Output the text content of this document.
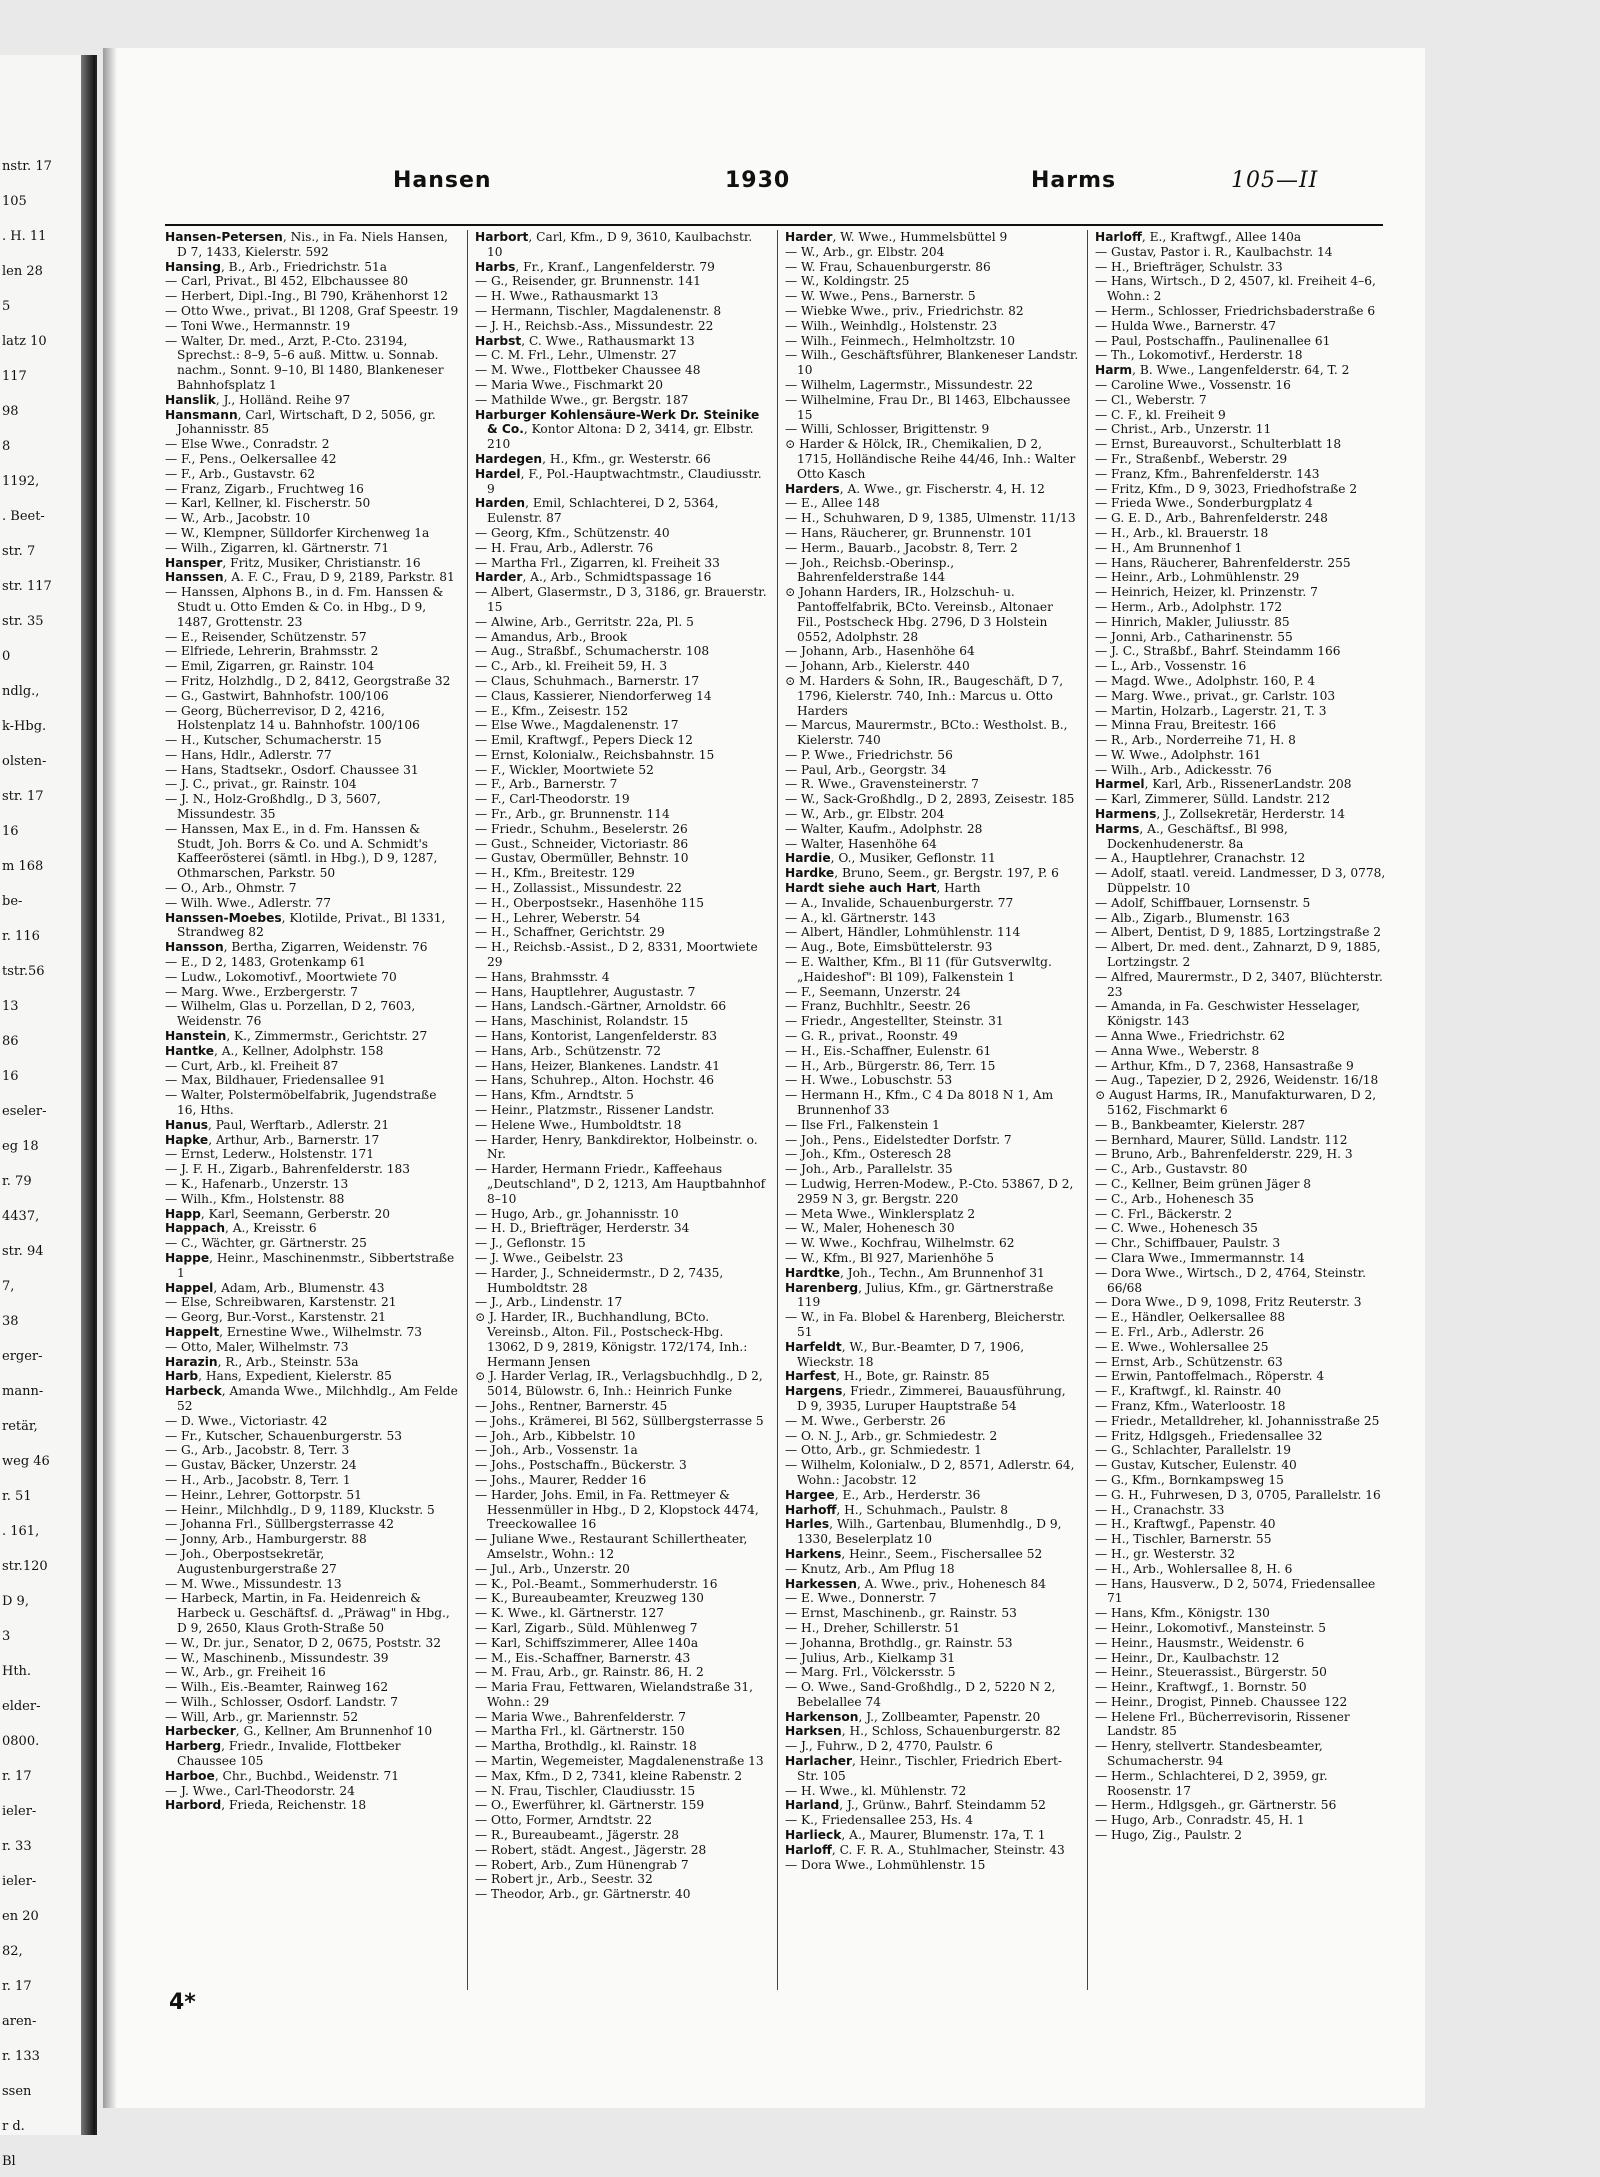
nstr. 17
105
. H. 11
len 28
5
latz 10
117
98
8
1192,
. Beet-
str. 7
str. 117
str. 35
0
ndlg.,
k-Hbg.
olsten-
str. 17
16
m 168
be-
r. 116
tstr.56
13
86
16
eseler-
eg 18
r. 79
4437,
str. 94
7,
38
erger-
mann-
retär,
weg 46
r. 51
. 161,
str.120
D 9,
3
Hth.
elder-
0800.
r. 17
ieler-
r. 33
ieler-
en 20
82,
r. 17
aren-
r. 133
ssen
r d.
Bl
Hansen	1930	Harms	105—II

Hansen-Petersen, Nis., in Fa. Niels Hansen, D 7, 1433, Kielerstr. 592

Hansing, B., Arb., Friedrichstr. 51a

— Carl, Privat., Bl 452, Elbchaussee 80

— Herbert, Dipl.-Ing., Bl 790, Krähenhorst 12

— Otto Wwe., privat., Bl 1208, Graf Speestr. 19

— Toni Wwe., Hermannstr. 19

— Walter, Dr. med., Arzt, P.-Cto. 23194, Sprechst.: 8–9, 5–6 auß. Mittw. u. Sonnab. nachm., Sonnt. 9–10, Bl 1480, Blankeneser Bahnhofsplatz 1

Hanslik, J., Holländ. Reihe 97

Hansmann, Carl, Wirtschaft, D 2, 5056, gr. Johannisstr. 85

— Else Wwe., Conradstr. 2

— F., Pens., Oelkersallee 42

— F., Arb., Gustavstr. 62

— Franz, Zigarb., Fruchtweg 16

— Karl, Kellner, kl. Fischerstr. 50

— W., Arb., Jacobstr. 10

— W., Klempner, Sülldorfer Kirchenweg 1a

— Wilh., Zigarren, kl. Gärtnerstr. 71

Hansper, Fritz, Musiker, Christianstr. 16

Hanssen, A. F. C., Frau, D 9, 2189, Parkstr. 81

— Hanssen, Alphons B., in d. Fm. Hanssen & Studt u. Otto Emden & Co. in Hbg., D 9, 1487, Grottenstr. 23

— E., Reisender, Schützenstr. 57

— Elfriede, Lehrerin, Brahmsstr. 2

— Emil, Zigarren, gr. Rainstr. 104

— Fritz, Holzhdlg., D 2, 8412, Georgstraße 32

— G., Gastwirt, Bahnhofstr. 100/106

— Georg, Bücherrevisor, D 2, 4216, Holstenplatz 14 u. Bahnhofstr. 100/106

— H., Kutscher, Schumacherstr. 15

— Hans, Hdlr., Adlerstr. 77

— Hans, Stadtsekr., Osdorf. Chaussee 31

— J. C., privat., gr. Rainstr. 104

— J. N., Holz-Großhdlg., D 3, 5607, Missundestr. 35

— Hanssen, Max E., in d. Fm. Hanssen & Studt, Joh. Borrs & Co. und A. Schmidt's Kaffeerösterei (sämtl. in Hbg.), D 9, 1287, Othmarschen, Parkstr. 50

— O., Arb., Ohmstr. 7

— Wilh. Wwe., Adlerstr. 77

Hanssen-Moebes, Klotilde, Privat., Bl 1331, Strandweg 82

Hansson, Bertha, Zigarren, Weidenstr. 76

— E., D 2, 1483, Grotenkamp 61

— Ludw., Lokomotivf., Moortwiete 70

— Marg. Wwe., Erzbergerstr. 7

— Wilhelm, Glas u. Porzellan, D 2, 7603, Weidenstr. 76

Hanstein, K., Zimmermstr., Gerichtstr. 27

Hantke, A., Kellner, Adolphstr. 158

— Curt, Arb., kl. Freiheit 87

— Max, Bildhauer, Friedensallee 91

— Walter, Polstermöbelfabrik, Jugendstraße 16, Hths.

Hanus, Paul, Werftarb., Adlerstr. 21

Hapke, Arthur, Arb., Barnerstr. 17

— Ernst, Lederw., Holstenstr. 171

— J. F. H., Zigarb., Bahrenfelderstr. 183

— K., Hafenarb., Unzerstr. 13

— Wilh., Kfm., Holstenstr. 88

Happ, Karl, Seemann, Gerberstr. 20

Happach, A., Kreisstr. 6

— C., Wächter, gr. Gärtnerstr. 25

Happe, Heinr., Maschinenmstr., Sibbertstraße 1

Happel, Adam, Arb., Blumenstr. 43

— Else, Schreibwaren, Karstenstr. 21

— Georg, Bur.-Vorst., Karstenstr. 21

Happelt, Ernestine Wwe., Wilhelmstr. 73

— Otto, Maler, Wilhelmstr. 73

Harazin, R., Arb., Steinstr. 53a

Harb, Hans, Expedient, Kielerstr. 85

Harbeck, Amanda Wwe., Milchhdlg., Am Felde 52

— D. Wwe., Victoriastr. 42

— Fr., Kutscher, Schauenburgerstr. 53

— G., Arb., Jacobstr. 8, Terr. 3

— Gustav, Bäcker, Unzerstr. 24

— H., Arb., Jacobstr. 8, Terr. 1

— Heinr., Lehrer, Gottorpstr. 51

— Heinr., Milchhdlg., D 9, 1189, Kluckstr. 5

— Johanna Frl., Süllbergsterrasse 42

— Jonny, Arb., Hamburgerstr. 88

— Joh., Oberpostsekretär, Augustenburgerstraße 27

— M. Wwe., Missundestr. 13

— Harbeck, Martin, in Fa. Heidenreich & Harbeck u. Geschäftsf. d. „Präwag" in Hbg., D 9, 2650, Klaus Groth-Straße 50

— W., Dr. jur., Senator, D 2, 0675, Poststr. 32

— W., Maschinenb., Missundestr. 39

— W., Arb., gr. Freiheit 16

— Wilh., Eis.-Beamter, Rainweg 162

— Wilh., Schlosser, Osdorf. Landstr. 7

— Will, Arb., gr. Mariennstr. 52

Harbecker, G., Kellner, Am Brunnenhof 10

Harberg, Friedr., Invalide, Flottbeker Chaussee 105

Harboe, Chr., Buchbd., Weidenstr. 71

— J. Wwe., Carl-Theodorstr. 24

Harbord, Frieda, Reichenstr. 18

Harbort, Carl, Kfm., D 9, 3610, Kaulbachstr. 10

Harbs, Fr., Kranf., Langenfelderstr. 79

— G., Reisender, gr. Brunnenstr. 141

— H. Wwe., Rathausmarkt 13

— Hermann, Tischler, Magdalenenstr. 8

— J. H., Reichsb.-Ass., Missundestr. 22

Harbst, C. Wwe., Rathausmarkt 13

— C. M. Frl., Lehr., Ulmenstr. 27

— M. Wwe., Flottbeker Chaussee 48

— Maria Wwe., Fischmarkt 20

— Mathilde Wwe., gr. Bergstr. 187

Harburger Kohlensäure-Werk Dr. Steinike & Co., Kontor Altona: D 2, 3414, gr. Elbstr. 210

Hardegen, H., Kfm., gr. Westerstr. 66

Hardel, F., Pol.-Hauptwachtmstr., Claudiusstr. 9

Harden, Emil, Schlachterei, D 2, 5364, Eulenstr. 87

— Georg, Kfm., Schützenstr. 40

— H. Frau, Arb., Adlerstr. 76

— Martha Frl., Zigarren, kl. Freiheit 33

Harder, A., Arb., Schmidtspassage 16

— Albert, Glasermstr., D 3, 3186, gr. Brauerstr. 15

— Alwine, Arb., Gerritstr. 22a, Pl. 5

— Amandus, Arb., Brook

— Aug., Straßbf., Schumacherstr. 108

— C., Arb., kl. Freiheit 59, H. 3

— Claus, Schuhmach., Barnerstr. 17

— Claus, Kassierer, Niendorferweg 14

— E., Kfm., Zeisestr. 152

— Else Wwe., Magdalenenstr. 17

— Emil, Kraftwgf., Pepers Dieck 12

— Ernst, Kolonialw., Reichsbahnstr. 15

— F., Wickler, Moortwiete 52

— F., Arb., Barnerstr. 7

— F., Carl-Theodorstr. 19

— Fr., Arb., gr. Brunnenstr. 114

— Friedr., Schuhm., Beselerstr. 26

— Gust., Schneider, Victoriastr. 86

— Gustav, Obermüller, Behnstr. 10

— H., Kfm., Breitestr. 129

— H., Zollassist., Missundestr. 22

— H., Oberpostsekr., Hasenhöhe 115

— H., Lehrer, Weberstr. 54

— H., Schaffner, Gerichtstr. 29

— H., Reichsb.-Assist., D 2, 8331, Moortwiete 29

— Hans, Brahmsstr. 4

— Hans, Hauptlehrer, Augustastr. 7

— Hans, Landsch.-Gärtner, Arnoldstr. 66

— Hans, Maschinist, Rolandstr. 15

— Hans, Kontorist, Langenfelderstr. 83

— Hans, Arb., Schützenstr. 72

— Hans, Heizer, Blankenes. Landstr. 41

— Hans, Schuhrep., Alton. Hochstr. 46

— Hans, Kfm., Arndtstr. 5

— Heinr., Platzmstr., Rissener Landstr.

— Helene Wwe., Humboldtstr. 18

— Harder, Henry, Bankdirektor, Holbeinstr. o. Nr.

— Harder, Hermann Friedr., Kaffeehaus „Deutschland", D 2, 1213, Am Hauptbahnhof 8–10

— Hugo, Arb., gr. Johannisstr. 10

— H. D., Briefträger, Herderstr. 34

— J., Geflonstr. 15

— J. Wwe., Geibelstr. 23

— Harder, J., Schneidermstr., D 2, 7435, Humboldtstr. 28

— J., Arb., Lindenstr. 17

⊙ J. Harder, IR., Buchhandlung, BCto. Vereinsb., Alton. Fil., Postscheck-Hbg. 13062, D 9, 2819, Königstr. 172/174, Inh.: Hermann Jensen

⊙ J. Harder Verlag, IR., Verlagsbuchhdlg., D 2, 5014, Bülowstr. 6, Inh.: Heinrich Funke

— Johs., Rentner, Barnerstr. 45

— Johs., Krämerei, Bl 562, Süllbergsterrasse 5

— Joh., Arb., Kibbelstr. 10

— Joh., Arb., Vossenstr. 1a

— Johs., Postschaffn., Bückerstr. 3

— Johs., Maurer, Redder 16

— Harder, Johs. Emil, in Fa. Rettmeyer & Hessenmüller in Hbg., D 2, Klopstock 4474, Treeckowallee 16

— Juliane Wwe., Restaurant Schillertheater, Amselstr., Wohn.: 12

— Jul., Arb., Unzerstr. 20

— K., Pol.-Beamt., Sommerhuderstr. 16

— K., Bureaubeamter, Kreuzweg 130

— K. Wwe., kl. Gärtnerstr. 127

— Karl, Zigarb., Süld. Mühlenweg 7

— Karl, Schiffszimmerer, Allee 140a

— M., Eis.-Schaffner, Barnerstr. 43

— M. Frau, Arb., gr. Rainstr. 86, H. 2

— Maria Frau, Fettwaren, Wielandstraße 31, Wohn.: 29

— Maria Wwe., Bahrenfelderstr. 7

— Martha Frl., kl. Gärtnerstr. 150

— Martha, Brothdlg., kl. Rainstr. 18

— Martin, Wegemeister, Magdalenenstraße 13

— Max, Kfm., D 2, 7341, kleine Rabenstr. 2

— N. Frau, Tischler, Claudiusstr. 15

— O., Ewerführer, kl. Gärtnerstr. 159

— Otto, Former, Arndtstr. 22

— R., Bureaubeamt., Jägerstr. 28

— Robert, städt. Angest., Jägerstr. 28

— Robert, Arb., Zum Hünengrab 7

— Robert jr., Arb., Seestr. 32

— Theodor, Arb., gr. Gärtnerstr. 40

Harder, W. Wwe., Hummelsbüttel 9

— W., Arb., gr. Elbstr. 204

— W. Frau, Schauenburgerstr. 86

— W., Koldingstr. 25

— W. Wwe., Pens., Barnerstr. 5

— Wiebke Wwe., priv., Friedrichstr. 82

— Wilh., Weinhdlg., Holstenstr. 23

— Wilh., Feinmech., Helmholtzstr. 10

— Wilh., Geschäftsführer, Blankeneser Landstr. 10

— Wilhelm, Lagermstr., Missundestr. 22

— Wilhelmine, Frau Dr., Bl 1463, Elbchaussee 15

— Willi, Schlosser, Brigittenstr. 9

⊙ Harder & Hölck, IR., Chemikalien, D 2, 1715, Holländische Reihe 44/46, Inh.: Walter Otto Kasch

Harders, A. Wwe., gr. Fischerstr. 4, H. 12

— E., Allee 148

— H., Schuhwaren, D 9, 1385, Ulmenstr. 11/13

— Hans, Räucherer, gr. Brunnenstr. 101

— Herm., Bauarb., Jacobstr. 8, Terr. 2

— Joh., Reichsb.-Oberinsp., Bahrenfelderstraße 144

⊙ Johann Harders, IR., Holzschuh- u. Pantoffelfabrik, BCto. Vereinsb., Altonaer Fil., Postscheck Hbg. 2796, D 3 Holstein 0552, Adolphstr. 28

— Johann, Arb., Hasenhöhe 64

— Johann, Arb., Kielerstr. 440

⊙ M. Harders & Sohn, IR., Baugeschäft, D 7, 1796, Kielerstr. 740, Inh.: Marcus u. Otto Harders

— Marcus, Maurermstr., BCto.: Westholst. B., Kielerstr. 740

— P. Wwe., Friedrichstr. 56

— Paul, Arb., Georgstr. 34

— R. Wwe., Gravensteinerstr. 7

— W., Sack-Großhdlg., D 2, 2893, Zeisestr. 185

— W., Arb., gr. Elbstr. 204

— Walter, Kaufm., Adolphstr. 28

— Walter, Hasenhöhe 64

Hardie, O., Musiker, Geflonstr. 11

Hardke, Bruno, Seem., gr. Bergstr. 197, P. 6

Hardt siehe auch Hart, Harth

— A., Invalide, Schauenburgerstr. 77

— A., kl. Gärtnerstr. 143

— Albert, Händler, Lohmühlenstr. 114

— Aug., Bote, Eimsbüttelerstr. 93

— E. Walther, Kfm., Bl 11 (für Gutsverwltg. „Haideshof": Bl 109), Falkenstein 1

— F., Seemann, Unzerstr. 24

— Franz, Buchhltr., Seestr. 26

— Friedr., Angestellter, Steinstr. 31

— G. R., privat., Roonstr. 49

— H., Eis.-Schaffner, Eulenstr. 61

— H., Arb., Bürgerstr. 86, Terr. 15

— H. Wwe., Lobuschstr. 53

— Hermann H., Kfm., C 4 Da 8018 N 1, Am Brunnenhof 33

— Ilse Frl., Falkenstein 1

— Joh., Pens., Eidelstedter Dorfstr. 7

— Joh., Kfm., Osteresch 28

— Joh., Arb., Parallelstr. 35

— Ludwig, Herren-Modew., P.-Cto. 53867, D 2, 2959 N 3, gr. Bergstr. 220

— Meta Wwe., Winklersplatz 2

— W., Maler, Hohenesch 30

— W. Wwe., Kochfrau, Wilhelmstr. 62

— W., Kfm., Bl 927, Marienhöhe 5

Hardtke, Joh., Techn., Am Brunnenhof 31

Harenberg, Julius, Kfm., gr. Gärtnerstraße 119

— W., in Fa. Blobel & Harenberg, Bleicherstr. 51

Harfeldt, W., Bur.-Beamter, D 7, 1906, Wieckstr. 18

Harfest, H., Bote, gr. Rainstr. 85

Hargens, Friedr., Zimmerei, Bauausführung, D 9, 3935, Luruper Hauptstraße 54

— M. Wwe., Gerberstr. 26

— O. N. J., Arb., gr. Schmiedestr. 2

— Otto, Arb., gr. Schmiedestr. 1

— Wilhelm, Kolonialw., D 2, 8571, Adlerstr. 64, Wohn.: Jacobstr. 12

Hargee, E., Arb., Herderstr. 36

Harhoff, H., Schuhmach., Paulstr. 8

Harles, Wilh., Gartenbau, Blumenhdlg., D 9, 1330, Beselerplatz 10

Harkens, Heinr., Seem., Fischersallee 52

— Knutz, Arb., Am Pflug 18

Harkessen, A. Wwe., priv., Hohenesch 84

— E. Wwe., Donnerstr. 7

— Ernst, Maschinenb., gr. Rainstr. 53

— H., Dreher, Schillerstr. 51

— Johanna, Brothdlg., gr. Rainstr. 53

— Julius, Arb., Kielkamp 31

— Marg. Frl., Völckersstr. 5

— O. Wwe., Sand-Großhdlg., D 2, 5220 N 2, Bebelallee 74

Harkenson, J., Zollbeamter, Papenstr. 20

Harksen, H., Schloss, Schauenburgerstr. 82

— J., Fuhrw., D 2, 4770, Paulstr. 6

Harlacher, Heinr., Tischler, Friedrich Ebert-Str. 105

— H. Wwe., kl. Mühlenstr. 72

Harland, J., Grünw., Bahrf. Steindamm 52

— K., Friedensallee 253, Hs. 4

Harlieck, A., Maurer, Blumenstr. 17a, T. 1

Harloff, C. F. R. A., Stuhlmacher, Steinstr. 43

— Dora Wwe., Lohmühlenstr. 15

Harloff, E., Kraftwgf., Allee 140a

— Gustav, Pastor i. R., Kaulbachstr. 14

— H., Briefträger, Schulstr. 33

— Hans, Wirtsch., D 2, 4507, kl. Freiheit 4–6, Wohn.: 2

— Herm., Schlosser, Friedrichsbaderstraße 6

— Hulda Wwe., Barnerstr. 47

— Paul, Postschaffn., Paulinenallee 61

— Th., Lokomotivf., Herderstr. 18

Harm, B. Wwe., Langenfelderstr. 64, T. 2

— Caroline Wwe., Vossenstr. 16

— Cl., Weberstr. 7

— C. F., kl. Freiheit 9

— Christ., Arb., Unzerstr. 11

— Ernst, Bureauvorst., Schulterblatt 18

— Fr., Straßenbf., Weberstr. 29

— Franz, Kfm., Bahrenfelderstr. 143

— Fritz, Kfm., D 9, 3023, Friedhofstraße 2

— Frieda Wwe., Sonderburgplatz 4

— G. E. D., Arb., Bahrenfelderstr. 248

— H., Arb., kl. Brauerstr. 18

— H., Am Brunnenhof 1

— Hans, Räucherer, Bahrenfelderstr. 255

— Heinr., Arb., Lohmühlenstr. 29

— Heinrich, Heizer, kl. Prinzenstr. 7

— Herm., Arb., Adolphstr. 172

— Hinrich, Makler, Juliusstr. 85

— Jonni, Arb., Catharinenstr. 55

— J. C., Straßbf., Bahrf. Steindamm 166

— L., Arb., Vossenstr. 16

— Magd. Wwe., Adolphstr. 160, P. 4

— Marg. Wwe., privat., gr. Carlstr. 103

— Martin, Holzarb., Lagerstr. 21, T. 3

— Minna Frau, Breitestr. 166

— R., Arb., Norderreihe 71, H. 8

— W. Wwe., Adolphstr. 161

— Wilh., Arb., Adickesstr. 76

Harmel, Karl, Arb., RissenerLandstr. 208

— Karl, Zimmerer, Sülld. Landstr. 212

Harmens, J., Zollsekretär, Herderstr. 14

Harms, A., Geschäftsf., Bl 998, Dockenhudenerstr. 8a

— A., Hauptlehrer, Cranachstr. 12

— Adolf, staatl. vereid. Landmesser, D 3, 0778, Düppelstr. 10

— Adolf, Schiffbauer, Lornsenstr. 5

— Alb., Zigarb., Blumenstr. 163

— Albert, Dentist, D 9, 1885, Lortzingstraße 2

— Albert, Dr. med. dent., Zahnarzt, D 9, 1885, Lortzingstr. 2

— Alfred, Maurermstr., D 2, 3407, Blüchterstr. 23

— Amanda, in Fa. Geschwister Hesselager, Königstr. 143

— Anna Wwe., Friedrichstr. 62

— Anna Wwe., Weberstr. 8

— Arthur, Kfm., D 7, 2368, Hansastraße 9

— Aug., Tapezier, D 2, 2926, Weidenstr. 16/18

⊙ August Harms, IR., Manufakturwaren, D 2, 5162, Fischmarkt 6

— B., Bankbeamter, Kielerstr. 287

— Bernhard, Maurer, Sülld. Landstr. 112

— Bruno, Arb., Bahrenfelderstr. 229, H. 3

— C., Arb., Gustavstr. 80

— C., Kellner, Beim grünen Jäger 8

— C., Arb., Hohenesch 35

— C. Frl., Bäckerstr. 2

— C. Wwe., Hohenesch 35

— Chr., Schiffbauer, Paulstr. 3

— Clara Wwe., Immermannstr. 14

— Dora Wwe., Wirtsch., D 2, 4764, Steinstr. 66/68

— Dora Wwe., D 9, 1098, Fritz Reuterstr. 3

— E., Händler, Oelkersallee 88

— E. Frl., Arb., Adlerstr. 26

— E. Wwe., Wohlersallee 25

— Ernst, Arb., Schützenstr. 63

— Erwin, Pantoffelmach., Röperstr. 4

— F., Kraftwgf., kl. Rainstr. 40

— Franz, Kfm., Waterloostr. 18

— Friedr., Metalldreher, kl. Johannisstraße 25

— Fritz, Hdlgsgeh., Friedensallee 32

— G., Schlachter, Parallelstr. 19

— Gustav, Kutscher, Eulenstr. 40

— G., Kfm., Bornkampsweg 15

— G. H., Fuhrwesen, D 3, 0705, Parallelstr. 16

— H., Cranachstr. 33

— H., Kraftwgf., Papenstr. 40

— H., Tischler, Barnerstr. 55

— H., gr. Westerstr. 32

— H., Arb., Wohlersallee 8, H. 6

— Hans, Hausverw., D 2, 5074, Friedensallee 71

— Hans, Kfm., Königstr. 130

— Heinr., Lokomotivf., Mansteinstr. 5

— Heinr., Hausmstr., Weidenstr. 6

— Heinr., Dr., Kaulbachstr. 12

— Heinr., Steuerassist., Bürgerstr. 50

— Heinr., Kraftwgf., 1. Bornstr. 50

— Heinr., Drogist, Pinneb. Chaussee 122

— Helene Frl., Bücherrevisorin, Rissener Landstr. 85

— Henry, stellvertr. Standesbeamter, Schumacherstr. 94

— Herm., Schlachterei, D 2, 3959, gr. Roosenstr. 17

— Herm., Hdlgsgeh., gr. Gärtnerstr. 56

— Hugo, Arb., Conradstr. 45, H. 1

— Hugo, Zig., Paulstr. 2

4*
